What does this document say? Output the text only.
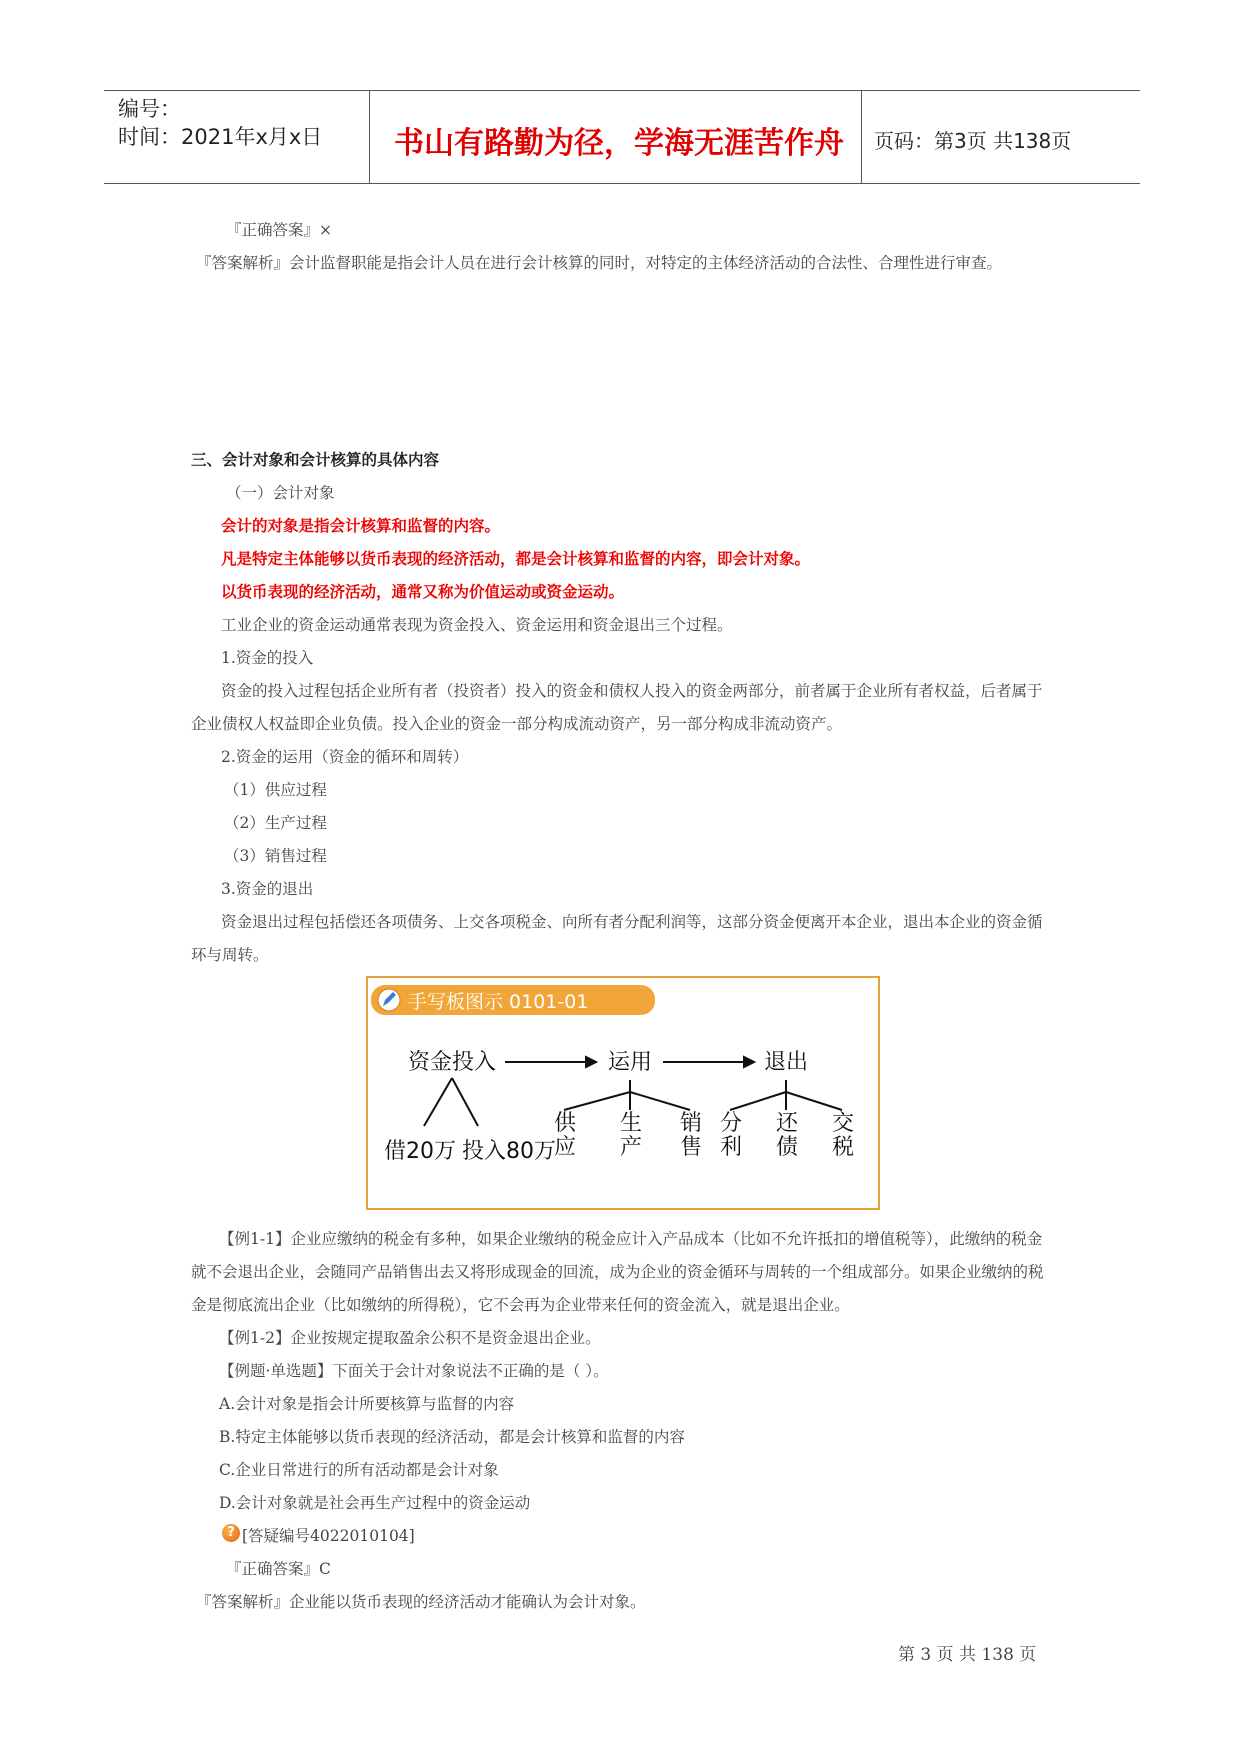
编号：
时间：2021年x月x日 书山有路勤为径，学海无涯苦作舟 页码：第3页 共138页
『正确答案』×
『答案解析』会计监督职能是指会计人员在进行会计核算的同时，对特定的主体经济活动的合法性、合理性进行审查。
三、会计对象和会计核算的具体内容
（一）会计对象
会计的对象是指会计核算和监督的内容。
凡是特定主体能够以货币表现的经济活动，都是会计核算和监督的内容，即会计对象。
以货币表现的经济活动，通常又称为价值运动或资金运动。
工业企业的资金运动通常表现为资金投入、资金运用和资金退出三个过程。
1.资金的投入
资金的投入过程包括企业所有者（投资者）投入的资金和债权人投入的资金两部分，前者属于企业所有者权益，后者属于
企业债权人权益即企业负债。投入企业的资金一部分构成流动资产，另一部分构成非流动资产。
2.资金的运用（资金的循环和周转）
（1）供应过程
（2）生产过程
（3）销售过程
3.资金的退出
资金退出过程包括偿还各项债务、上交各项税金、向所有者分配利润等，这部分资金便离开本企业，退出本企业的资金循
环与周转。
手写板图示 0101-01
资金投入	运用	退出
借20万 投入80万
供应
生产
销售
分利
还债
交税
【例1-1】企业应缴纳的税金有多种，如果企业缴纳的税金应计入产品成本（比如不允许抵扣的增值税等），此缴纳的税金
就不会退出企业，会随同产品销售出去又将形成现金的回流，成为企业的资金循环与周转的一个组成部分。如果企业缴纳的税
金是彻底流出企业（比如缴纳的所得税），它不会再为企业带来任何的资金流入，就是退出企业。
【例1-2】企业按规定提取盈余公积不是资金退出企业。
【例题·单选题】下面关于会计对象说法不正确的是（ ）。
A.会计对象是指会计所要核算与监督的内容
B.特定主体能够以货币表现的经济活动，都是会计核算和监督的内容
C.企业日常进行的所有活动都是会计对象
D.会计对象就是社会再生产过程中的资金运动
? [答疑编号4022010104]
『正确答案』C
『答案解析』企业能以货币表现的经济活动才能确认为会计对象。
第 3 页 共 138 页
